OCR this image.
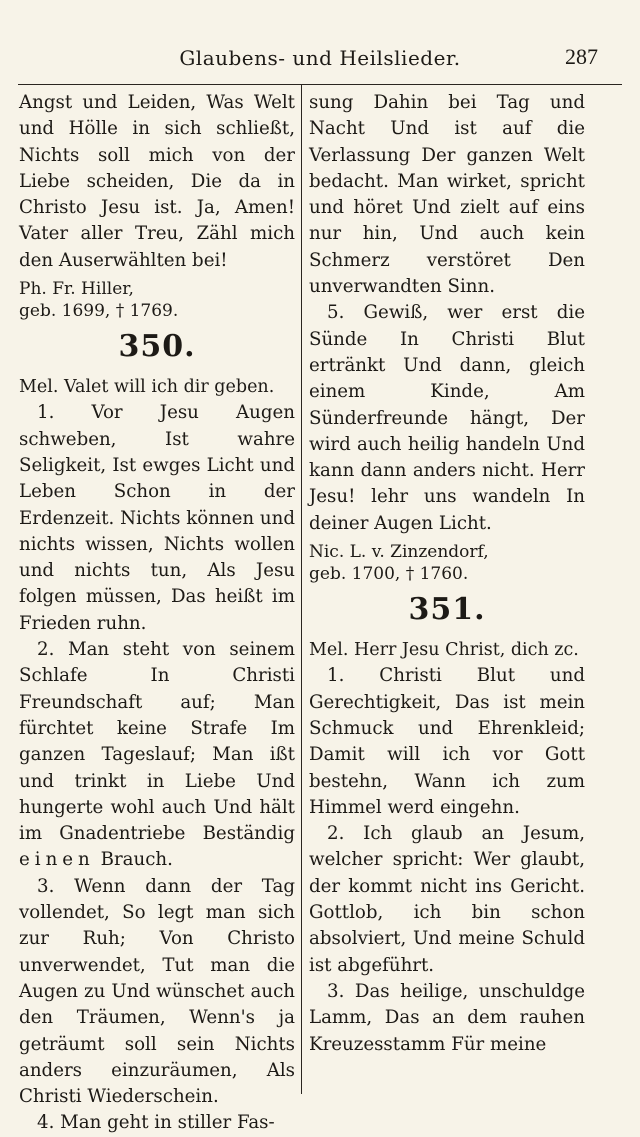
Glaubens- und Heilslieder.	287

Angst und Leiden, Was Welt und Hölle in sich schließt, Nichts soll mich von der Liebe scheiden, Die da in Christo Jesu ist. Ja, Amen! Vater aller Treu, Zähl mich den Auserwählten bei!

Ph. Fr. Hiller,

geb. 1699, † 1769.

350.

Mel. Valet will ich dir geben.

1. Vor Jesu Augen schweben, Ist wahre Seligkeit, Ist ewges Licht und Leben Schon in der Erdenzeit. Nichts können und nichts wissen, Nichts wollen und nichts tun, Als Jesu folgen müssen, Das heißt im Frieden ruhn.

2. Man steht von seinem Schlafe In Christi Freundschaft auf; Man fürchtet keine Strafe Im ganzen Tageslauf; Man ißt und trinkt in Liebe Und hungerte wohl auch Und hält im Gnadentriebe Beständig einen Brauch.

3. Wenn dann der Tag vollendet, So legt man sich zur Ruh; Von Christo unverwendet, Tut man die Augen zu Und wünschet auch den Träumen, Wenn's ja geträumt soll sein Nichts anders einzuräumen, Als Christi Wiederschein.

4. Man geht in stiller Fas-

sung Dahin bei Tag und Nacht Und ist auf die Verlassung Der ganzen Welt bedacht. Man wirket, spricht und höret Und zielt auf eins nur hin, Und auch kein Schmerz verstöret Den unverwandten Sinn.

5. Gewiß, wer erst die Sünde In Christi Blut ertränkt Und dann, gleich einem Kinde, Am Sünderfreunde hängt, Der wird auch heilig handeln Und kann dann anders nicht. Herr Jesu! lehr uns wandeln In deiner Augen Licht.

Nic. L. v. Zinzendorf,

geb. 1700, † 1760.

351.

Mel. Herr Jesu Christ, dich zc.

1. Christi Blut und Gerechtigkeit, Das ist mein Schmuck und Ehrenkleid; Damit will ich vor Gott bestehn, Wann ich zum Himmel werd eingehn.

2. Ich glaub an Jesum, welcher spricht: Wer glaubt, der kommt nicht ins Gericht. Gottlob, ich bin schon absolviert, Und meine Schuld ist abgeführt.

3. Das heilige, unschuldge Lamm, Das an dem rauhen Kreuzesstamm Für meine
